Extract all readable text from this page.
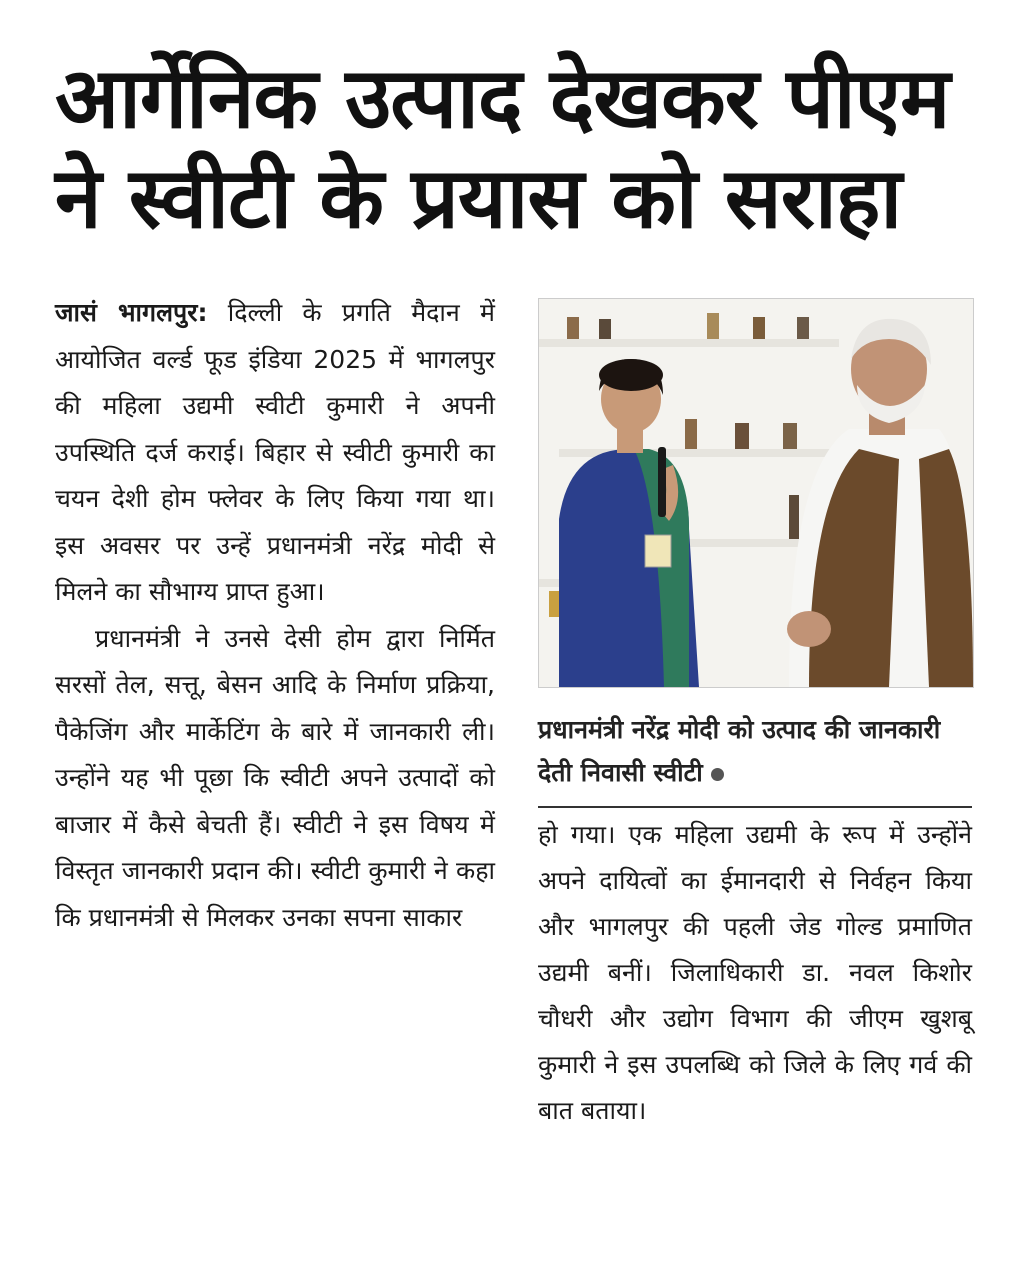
आर्गेनिक उत्पाद देखकर पीएम
ने स्वीटी के प्रयास को सराहा

जासं भागलपुर: दिल्ली के प्रगति मैदान में आयोजित वर्ल्ड फूड इंडिया 2025 में भागलपुर की महिला उद्यमी स्वीटी कुमारी ने अपनी उपस्थिति दर्ज कराई। बिहार से स्वीटी कुमारी का चयन देशी होम फ्लेवर के लिए किया गया था। इस अवसर पर उन्हें प्रधानमंत्री नरेंद्र मोदी से मिलने का सौभाग्य प्राप्त हुआ।

प्रधानमंत्री ने उनसे देसी होम द्वारा निर्मित सरसों तेल, सत्तू, बेसन आदि के निर्माण प्रक्रिया, पैकेजिंग और मार्केटिंग के बारे में जानकारी ली। उन्होंने यह भी पूछा कि स्वीटी अपने उत्पादों को बाजार में कैसे बेचती हैं। स्वीटी ने इस विषय में विस्तृत जानकारी प्रदान की। स्वीटी कुमारी ने कहा कि प्रधानमंत्री से मिलकर उनका सपना साकार

प्रधानमंत्री नरेंद्र मोदी को उत्पाद की जानकारी देती निवासी स्वीटी

हो गया। एक महिला उद्यमी के रूप में उन्होंने अपने दायित्वों का ईमानदारी से निर्वहन किया और भागलपुर की पहली जेड गोल्ड प्रमाणित उद्यमी बनीं। जिलाधिकारी डा. नवल किशोर चौधरी और उद्योग विभाग की जीएम खुशबू कुमारी ने इस उपलब्धि को जिले के लिए गर्व की बात बताया।
